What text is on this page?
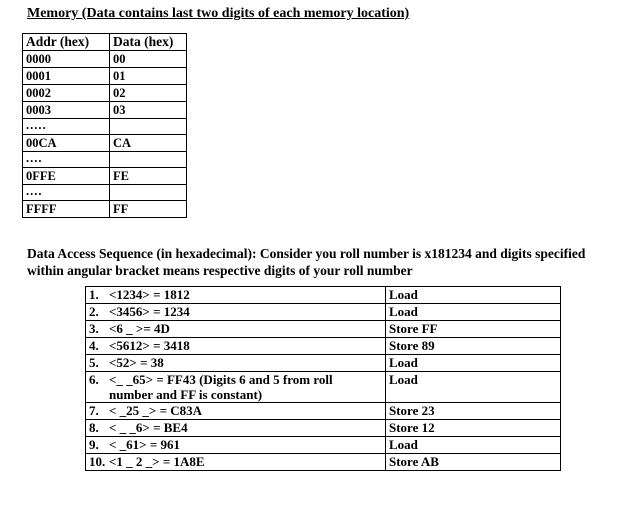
Memory (Data contains last two digits of each memory location)
Addr (hex)	Data (hex)
0000	00
0001	01
0002	02
0003	03
.....	
00CA	CA
....	
0FFE	FE
....	
FFFF	FF
Data Access Sequence (in hexadecimal): Consider you roll number is x181234 and digits specified within angular bracket means respective digits of your roll number
1. <1234> = 1812	Load
2. <3456> = 1234	Load
3. <6 _ >= 4D	Store FF
4. <5612> = 3418	Store 89
5. <52> = 38	Load
6. <_ _65> = FF43 (Digits 6 and 5 from roll
number and FF is constant)	Load
7. < _25 _> = C83A	Store 23
8. < _ _6> = BE4	Store 12
9. < _61> = 961	Load
10. <1 _ 2 _> = 1A8E	Store AB
